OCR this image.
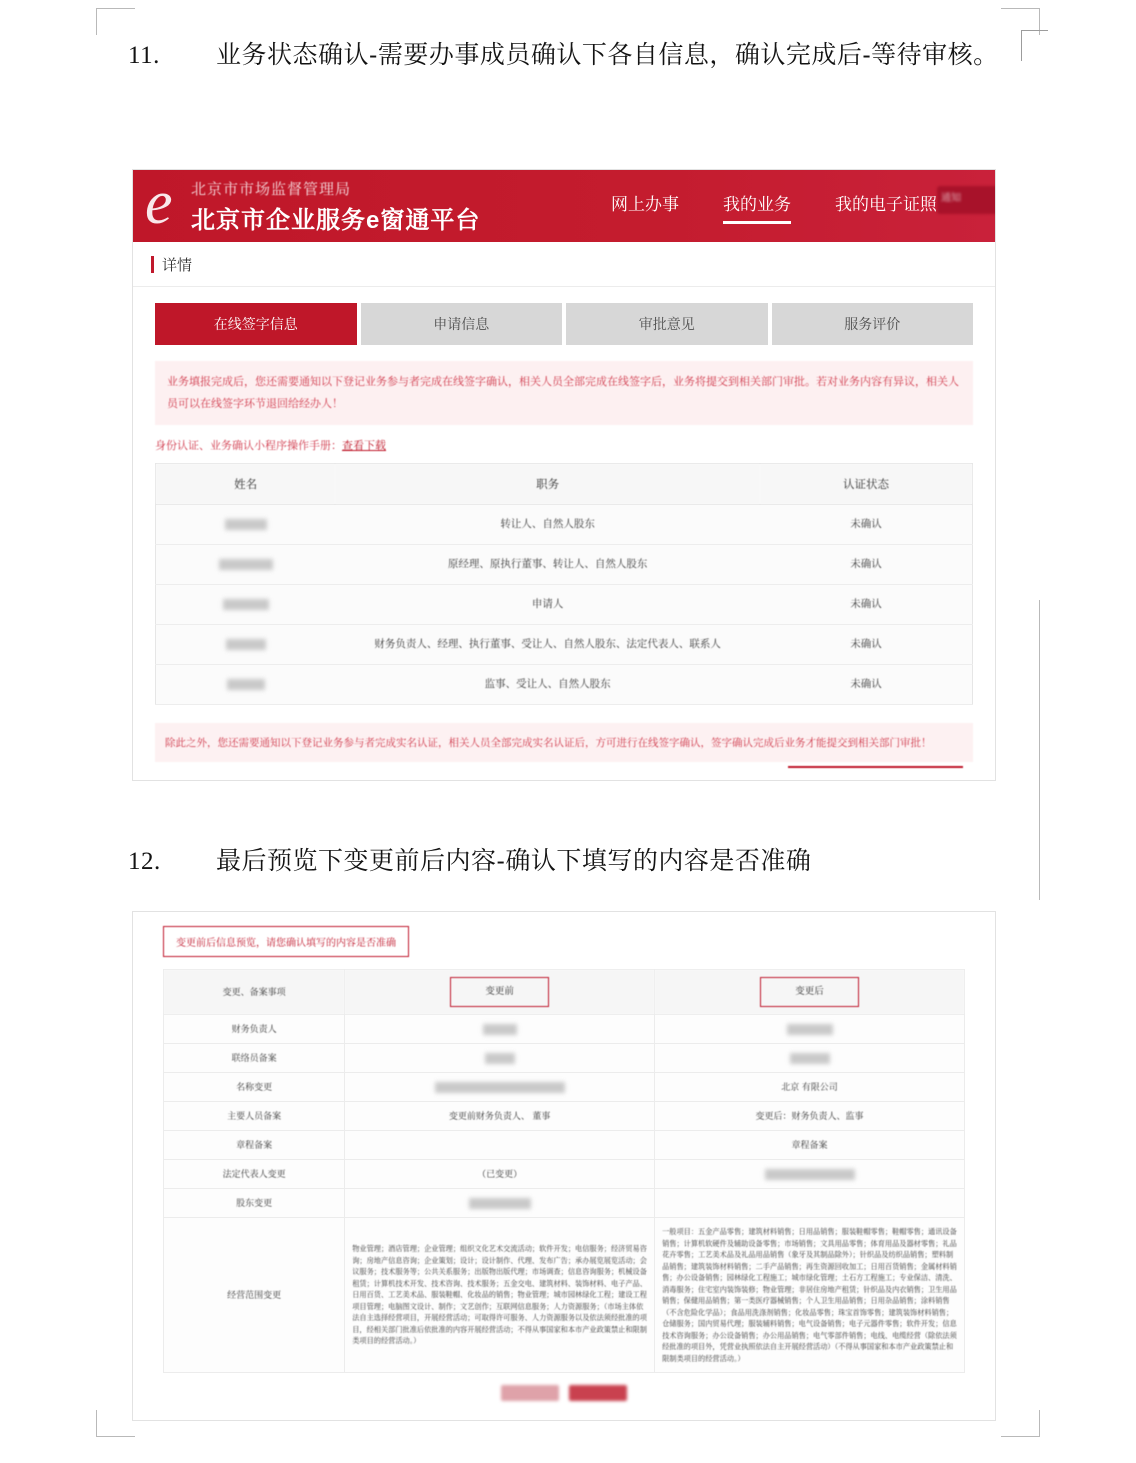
11. 业务状态确认-需要办事成员确认下各自信息，确认完成后-等待审核。
e 北京市市场监督管理局
北京市企业服务e窗通平台
网上办事	我的业务	我的电子证照 通知
详情
在线签字信息	申请信息	审批意见	服务评价
业务填报完成后，您还需要通知以下登记业务参与者完成在线签字确认，相关人员全部完成在线签字后，业务将提交到相关部门审批。若对业务内容有异议，相关人员可以在线签字环节退回给经办人！
身份认证、业务确认小程序操作手册：查看下载
姓名	职务	认证状态
	转让人、自然人股东	未确认
	原经理、原执行董事、转让人、自然人股东	未确认
	申请人	未确认
	财务负责人、经理、执行董事、受让人、自然人股东、法定代表人、联系人	未确认
	监事、受让人、自然人股东	未确认
除此之外，您还需要通知以下登记业务参与者完成实名认证，相关人员全部完成实名认证后，方可进行在线签字确认，签字确认完成后业务才能提交到相关部门审批！
12. 最后预览下变更前后内容-确认下填写的内容是否准确
变更前后信息预览，请您确认填写的内容是否准确
变更、备案事项	变更前	变更后
财务负责人		
联络员备案		
名称变更		北京 有限公司
主要人员备案	变更前财务负责人、 董事	变更后：财务负责人、监事
章程备案		章程备案
法定代表人变更	（已变更）	
股东变更		
经营范围变更	物业管理；酒店管理；企业管理；组织文化艺术交流活动；软件开发；电信服务；经济贸易咨询；房地产信息咨询；企业策划；设计；设计制作、代理、发布广告；承办展览展览活动；会议服务；技术服务等；公共关系服务；出版物出版代理；市场调查；信息咨询服务；机械设备租赁；计算机技术开发、技术咨询、技术服务；五金交电、建筑材料、装饰材料、电子产品、日用百货、工艺美术品、服装鞋帽、化妆品的销售；物业管理；城市园林绿化工程；建设工程项目管理；电脑图文设计、制作；文艺创作；互联网信息服务；人力资源服务；（市场主体依法自主选择经营项目，开展经营活动；可取得许可服务、人力资源服务以及依法须经批准的项目，经相关部门批准后依批准的内容开展经营活动；不得从事国家和本市产业政策禁止和限制类项目的经营活动。）	一般项目：五金产品零售；建筑材料销售；日用品销售；服装鞋帽零售；鞋帽零售；通讯设备销售；计算机软硬件及辅助设备零售；市场销售；文具用品零售；体育用品及器材零售；礼品花卉零售；工艺美术品及礼品用品销售（象牙及其制品除外）；针织品及纺织品销售；塑料制品销售；建筑装饰材料销售；二手产品销售；再生资源回收加工；日用百货销售；金属材料销售；办公设备销售；园林绿化工程施工；城市绿化管理；土石方工程施工；专业保洁、清洗、消毒服务；住宅室内装饰装修；物业管理；非居住房地产租赁；针织品及内衣销售；卫生用品销售；保健用品销售；第一类医疗器械销售；个人卫生用品销售；日用杂品销售；涂料销售（不含危险化学品）；食品用洗涤剂销售；化妆品零售；珠宝首饰零售；建筑装饰材料销售；仓储服务；国内贸易代理；服装辅料销售；电气设备销售；电子元器件零售；软件开发；信息技术咨询服务；办公设备销售；办公用品销售；电气零部件销售；电线、电缆经营（除依法须经批准的项目外，凭营业执照依法自主开展经营活动）（不得从事国家和本市产业政策禁止和限制类项目的经营活动。）
